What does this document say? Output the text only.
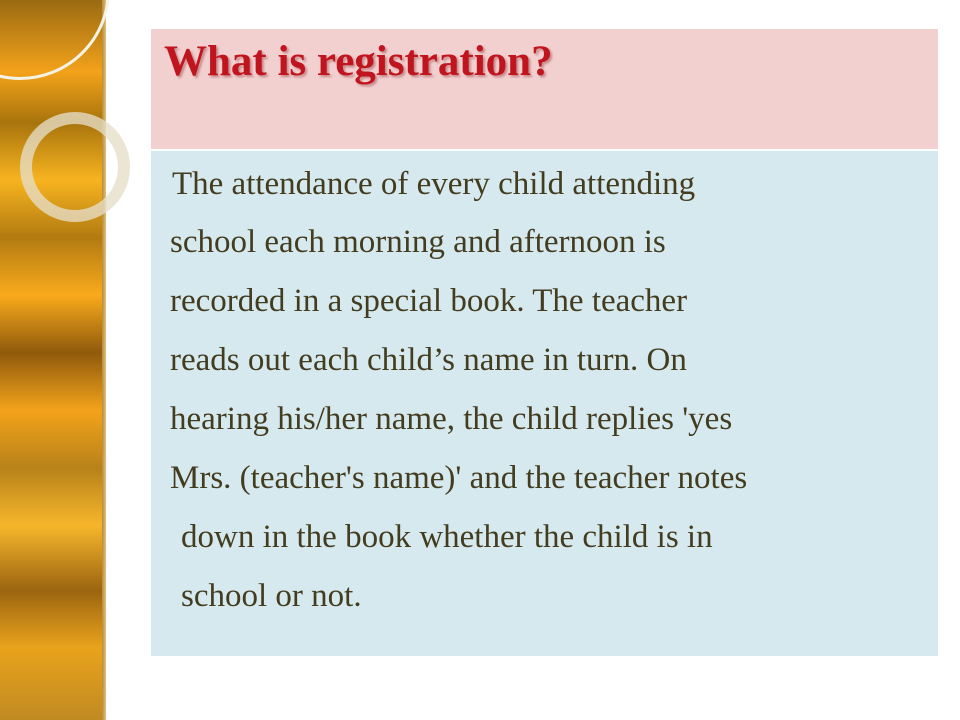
What is registration?
The attendance of every child attending
school each morning and afternoon is
recorded in a special book. The teacher
reads out each child’s name in turn. On
hearing his/her name, the child replies 'yes
Mrs. (teacher's name)' and the teacher notes
down in the book whether the child is in
school or not.
